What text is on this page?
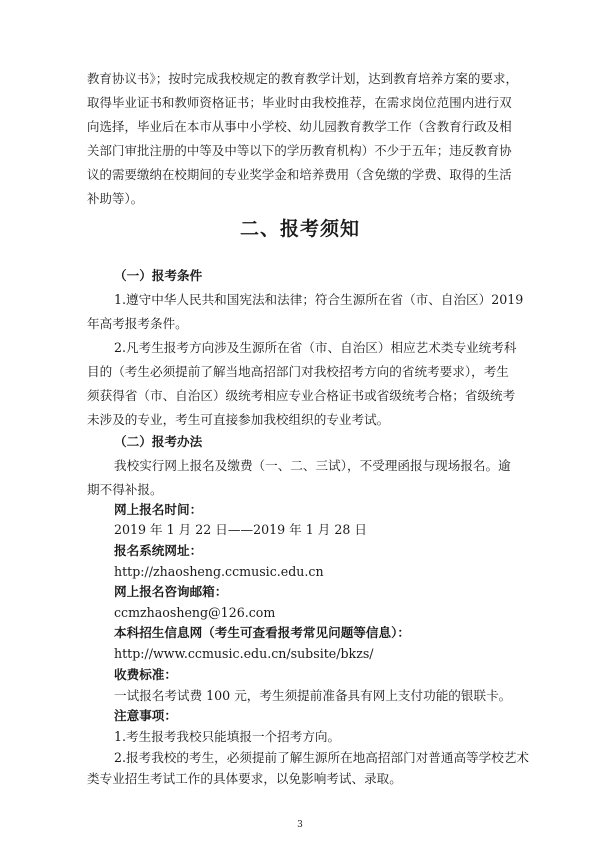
教育协议书》；按时完成我校规定的教育教学计划，达到教育培养方案的要求，

取得毕业证书和教师资格证书；毕业时由我校推荐，在需求岗位范围内进行双

向选择，毕业后在本市从事中小学校、幼儿园教育教学工作（含教育行政及相

关部门审批注册的中等及中等以下的学历教育机构）不少于五年；违反教育协

议的需要缴纳在校期间的专业奖学金和培养费用（含免缴的学费、取得的生活

补助等）。

二、报考须知

（一）报考条件

1.遵守中华人民共和国宪法和法律；符合生源所在省（市、自治区）2019

年高考报考条件。

2.凡考生报考方向涉及生源所在省（市、自治区）相应艺术类专业统考科

目的（考生必须提前了解当地高招部门对我校招考方向的省统考要求），考生

须获得省（市、自治区）级统考相应专业合格证书或省级统考合格；省级统考

未涉及的专业，考生可直接参加我校组织的专业考试。

（二）报考办法

我校实行网上报名及缴费（一、二、三试），不受理函报与现场报名。逾

期不得补报。

网上报名时间：

2019 年 1 月 22 日——2019 年 1 月 28 日

报名系统网址：

http://zhaosheng.ccmusic.edu.cn

网上报名咨询邮箱：

ccmzhaosheng@126.com

本科招生信息网（考生可查看报考常见问题等信息）：

http://www.ccmusic.edu.cn/subsite/bkzs/

收费标准：

一试报名考试费 100 元，考生须提前准备具有网上支付功能的银联卡。

3

注意事项：

1.考生报考我校只能填报一个招考方向。

2.报考我校的考生，必须提前了解生源所在地高招部门对普通高等学校艺术

类专业招生考试工作的具体要求，以免影响考试、录取。
